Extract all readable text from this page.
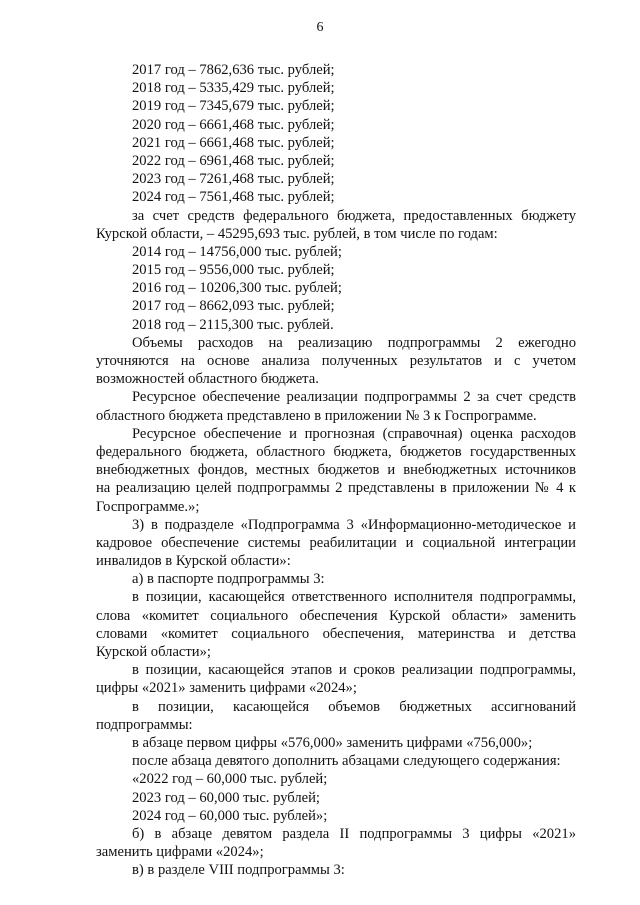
6
2017 год – 7862,636 тыс. рублей;
2018 год – 5335,429 тыс. рублей;
2019 год – 7345,679 тыс. рублей;
2020 год – 6661,468 тыс. рублей;
2021 год – 6661,468 тыс. рублей;
2022 год – 6961,468 тыс. рублей;
2023 год – 7261,468 тыс. рублей;
2024 год – 7561,468 тыс. рублей;
за счет средств федерального бюджета, предоставленных бюджету
Курской области, – 45295,693 тыс. рублей, в том числе по годам:
2014 год – 14756,000 тыс. рублей;
2015 год – 9556,000 тыс. рублей;
2016 год – 10206,300 тыс. рублей;
2017 год – 8662,093 тыс. рублей;
2018 год – 2115,300 тыс. рублей.
Объемы расходов на реализацию подпрограммы 2 ежегодно
уточняются на основе анализа полученных результатов и с учетом
возможностей областного бюджета.
Ресурсное обеспечение реализации подпрограммы 2 за счет средств
областного бюджета представлено в приложении № 3 к Госпрограмме.
Ресурсное обеспечение и прогнозная (справочная) оценка расходов
федерального бюджета, областного бюджета, бюджетов государственных
внебюджетных фондов, местных бюджетов и внебюджетных источников
на реализацию целей подпрограммы 2 представлены в приложении № 4 к
Госпрограмме.»;
3) в подразделе «Подпрограмма 3 «Информационно-методическое и
кадровое обеспечение системы реабилитации и социальной интеграции
инвалидов в Курской области»:
а) в паспорте подпрограммы 3:
в позиции, касающейся ответственного исполнителя подпрограммы,
слова «комитет социального обеспечения Курской области» заменить
словами «комитет социального обеспечения, материнства и детства
Курской области»;
в позиции, касающейся этапов и сроков реализации подпрограммы,
цифры «2021» заменить цифрами «2024»;
в позиции, касающейся объемов бюджетных ассигнований
подпрограммы:
в абзаце первом цифры «576,000» заменить цифрами «756,000»;
после абзаца девятого дополнить абзацами следующего содержания:
«2022 год – 60,000 тыс. рублей;
2023 год – 60,000 тыс. рублей;
2024 год – 60,000 тыс. рублей»;
б) в абзаце девятом раздела II подпрограммы 3 цифры «2021»
заменить цифрами «2024»;
в) в разделе VIII подпрограммы 3:
